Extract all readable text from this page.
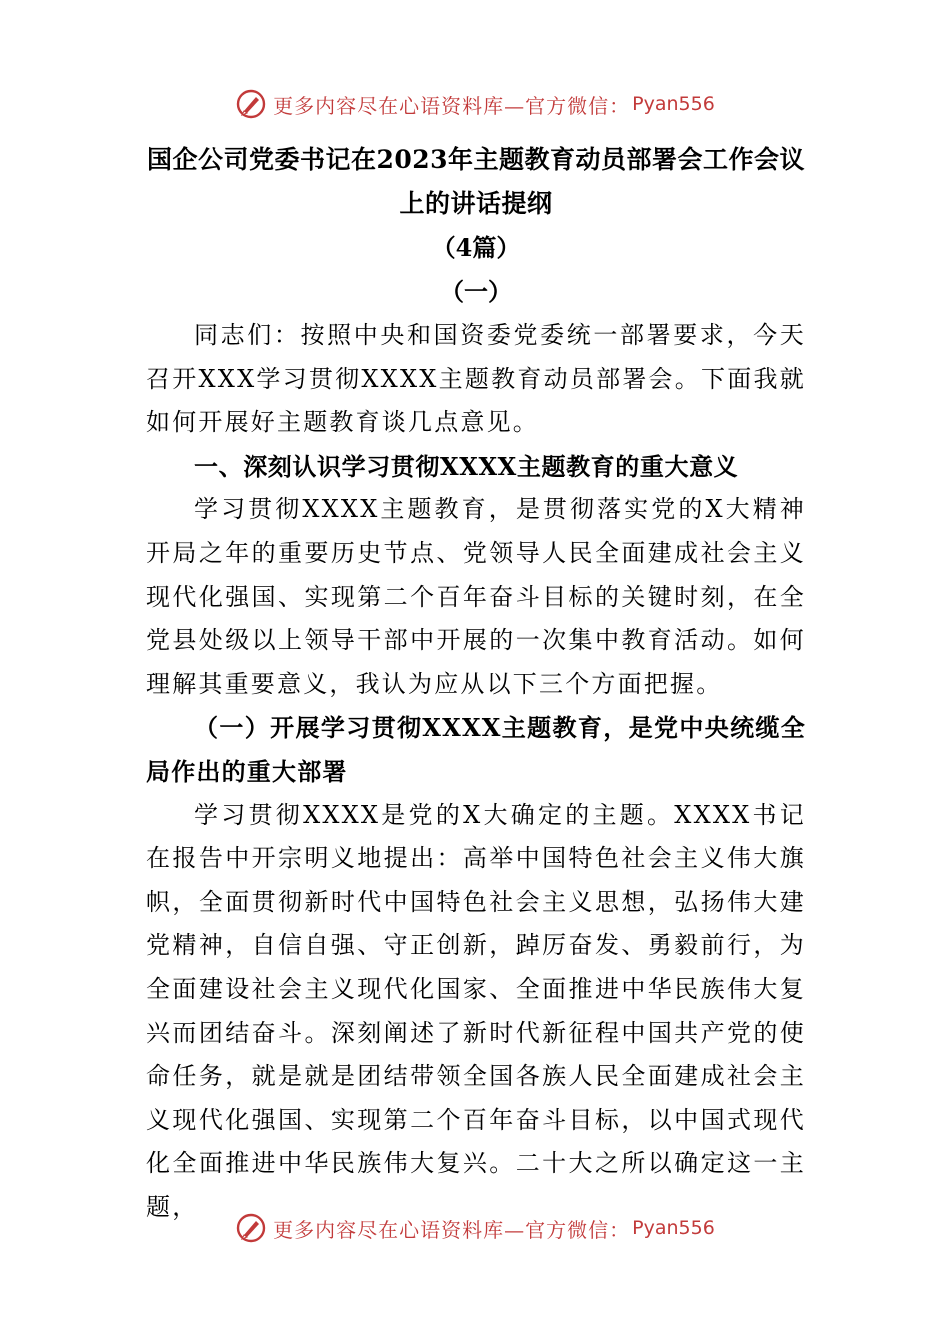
更多内容尽在心语资料库—官方微信： Pyan556
国企公司党委书记在2023年主题教育动员部署会工作会议
上的讲话提纲
（4篇）
（一）

同志们：按照中央和国资委党委统一部署要求，今天召开XXX学习贯彻XXXX主题教育动员部署会。下面我就如何开展好主题教育谈几点意见。

一、深刻认识学习贯彻XXXX主题教育的重大意义

学习贯彻XXXX主题教育，是贯彻落实党的X大精神开局之年的重要历史节点、党领导人民全面建成社会主义现代化强国、实现第二个百年奋斗目标的关键时刻，在全党县处级以上领导干部中开展的一次集中教育活动。如何理解其重要意义，我认为应从以下三个方面把握。

（一）开展学习贯彻XXXX主题教育，是党中央统缆全局作出的重大部署

学习贯彻XXXX是党的X大确定的主题。XXXX书记在报告中开宗明义地提出：高举中国特色社会主义伟大旗帜，全面贯彻新时代中国特色社会主义思想，弘扬伟大建党精神，自信自强、守正创新，踔厉奋发、勇毅前行，为全面建设社会主义现代化国家、全面推进中华民族伟大复兴而团结奋斗。深刻阐述了新时代新征程中国共产党的使命任务，就是就是团结带领全国各族人民全面建成社会主义现代化强国、实现第二个百年奋斗目标，以中国式现代化全面推进中华民族伟大复兴。二十大之所以确定这一主题，

更多内容尽在心语资料库—官方微信： Pyan556
